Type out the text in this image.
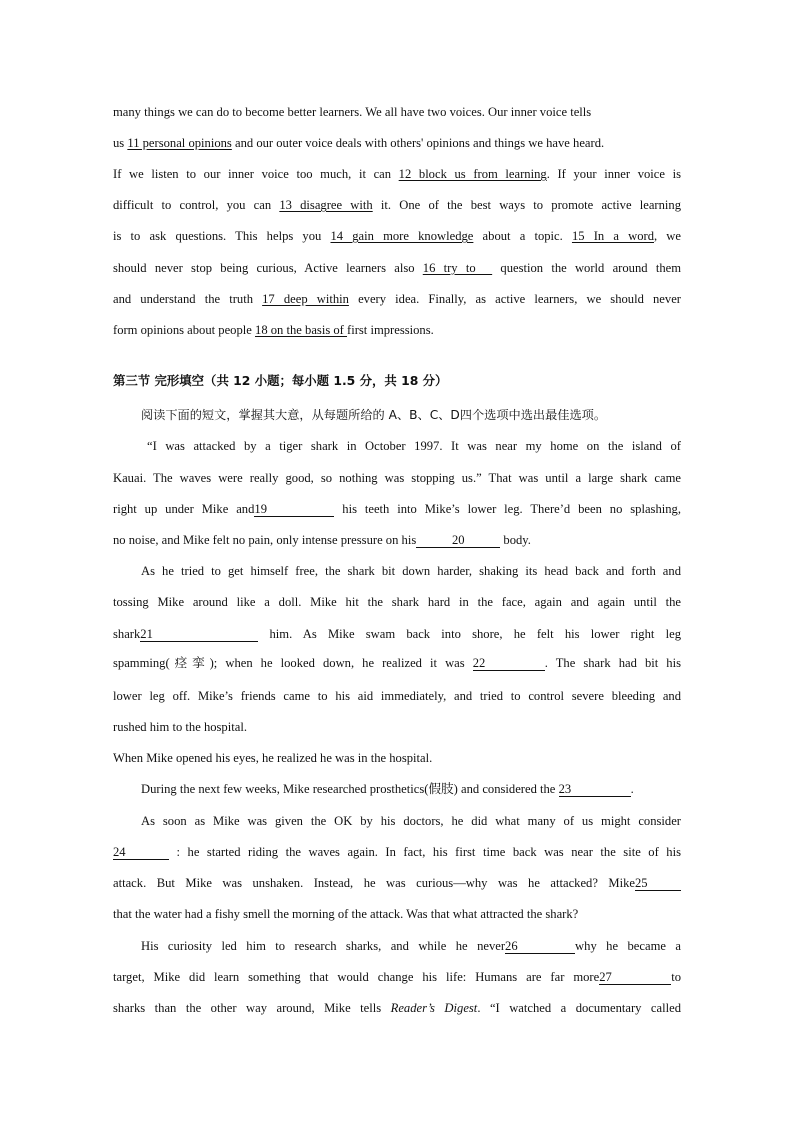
many things we can do to become better learners. We all have two voices. Our inner voice tells
us 11 personal opinions and our outer voice deals with others' opinions and things we have heard.
If we listen to our inner voice too much, it can 12 block us from learning. If your inner voice is
difficult to control, you can 13 disagree with it. One of the best ways to promote active learning
is to ask questions. This helps you 14 gain more knowledge about a topic. 15 In a word, we
should never stop being curious, Active learners also 16 try to   question the world around them
and understand the truth 17 deep within every idea. Finally, as active learners, we should never
form opinions about people 18 on the basis of first impressions.
第三节 完形填空（共 12 小题；每小题 1.5 分，共 18 分）
阅读下面的短文，掌握其大意，从每题所给的 A、B、C、D四个选项中选出最佳选项。
“I was attacked by a tiger shark in October 1997. It was near my home on the island of
Kauai. The waves were really good, so nothing was stopping us.” That was until a large shark came
right up under Mike and19	his teeth into Mike’s lower leg. There’d been no splashing,
no noise, and Mike felt no pain, only intense pressure on his	20	body.
As he tried to get himself free, the shark bit down harder, shaking its head back and forth and
tossing Mike around like a doll. Mike hit the shark hard in the face, again and again until the
shark21	him. As Mike swam back into shore, he felt his lower right leg
spamming(痉挛); when he looked down, he realized it was 22	. The shark had bit his
lower leg off. Mike’s friends came to his aid immediately, and tried to control severe bleeding and
rushed him to the hospital.
When Mike opened his eyes, he realized he was in the hospital.
During the next few weeks, Mike researched prosthetics(假肢) and considered the 23	.
As soon as Mike was given the OK by his doctors, he did what many of us might consider
24	: he started riding the waves again. In fact, his first time back was near the site of his
attack. But Mike was unshaken. Instead, he was curious—why was he attacked? Mike25
that the water had a fishy smell the morning of the attack. Was that what attracted the shark?
His curiosity led him to research sharks, and while he never26	why he became a
target, Mike did learn something that would change his life: Humans are far more27	to
sharks than the other way around, Mike tells Reader’s Digest. “I watched a documentary called
